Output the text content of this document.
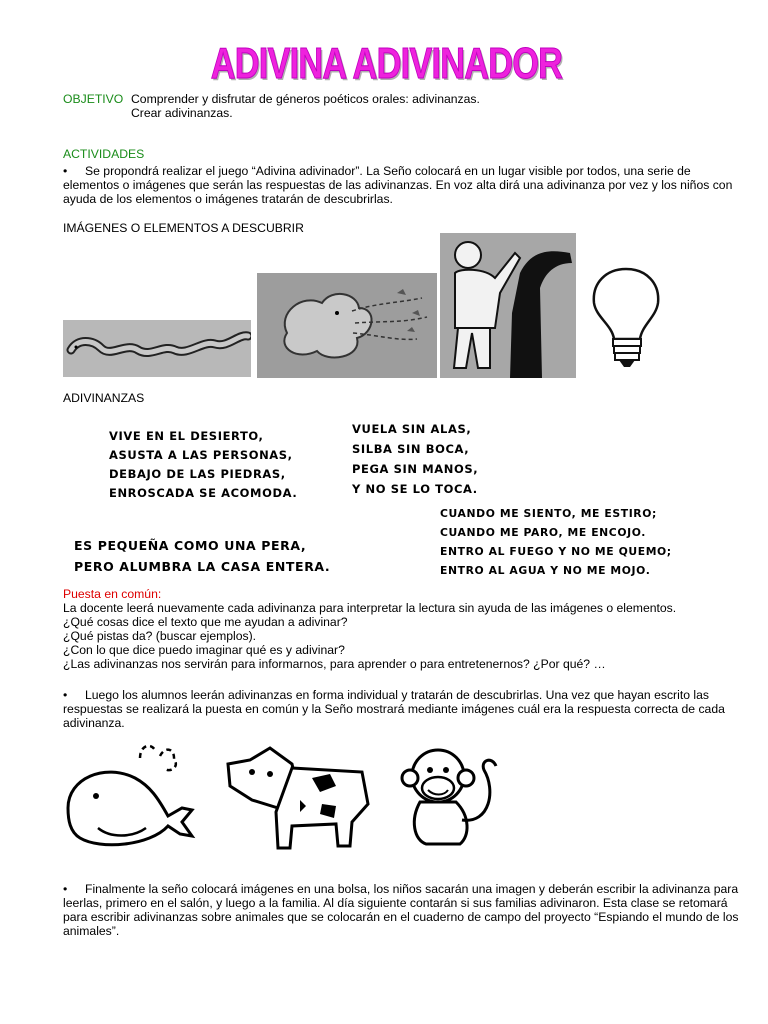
ADIVINA ADIVINADOR
OBJETIVO Comprender y disfrutar de géneros poéticos orales: adivinanzas.
Crear adivinanzas.
ACTIVIDADES
• Se propondrá realizar el juego “Adivina adivinador”. La Seño colocará en un lugar visible por todos, una serie de elementos o imágenes que serán las respuestas de las adivinanzas. En voz alta dirá una adivinanza por vez y los niños con ayuda de los elementos o imágenes tratarán de descubrirlas.
IMÁGENES O ELEMENTOS A DESCUBRIR
ADIVINANZAS
VIVE EN EL DESIERTO,
ASUSTA A LAS PERSONAS,
DEBAJO DE LAS PIEDRAS,
ENROSCADA SE ACOMODA.
VUELA SIN ALAS,
SILBA SIN BOCA,
PEGA SIN MANOS,
Y NO SE LO TOCA.
ES PEQUEÑA COMO UNA PERA,
PERO ALUMBRA LA CASA ENTERA.
CUANDO ME SIENTO, ME ESTIRO;
CUANDO ME PARO, ME ENCOJO.
ENTRO AL FUEGO Y NO ME QUEMO;
ENTRO AL AGUA Y NO ME MOJO.
Puesta en común:
La docente leerá nuevamente cada adivinanza para interpretar la lectura sin ayuda de las imágenes o elementos.
¿Qué cosas dice el texto que me ayudan a adivinar?
¿Qué pistas da? (buscar ejemplos).
¿Con lo que dice puedo imaginar qué es y adivinar?
¿Las adivinanzas nos servirán para informarnos, para aprender o para entretenernos? ¿Por qué? …
• Luego los alumnos leerán adivinanzas en forma individual y tratarán de descubrirlas. Una vez que hayan escrito las respuestas se realizará la puesta en común y la Seño mostrará mediante imágenes cuál era la respuesta correcta de cada adivinanza.
• Finalmente la seño colocará imágenes en una bolsa, los niños sacarán una imagen y deberán escribir la adivinanza para leerlas, primero en el salón, y luego a la familia. Al día siguiente contarán si sus familias adivinaron. Esta clase se retomará para escribir adivinanzas sobre animales que se colocarán en el cuaderno de campo del proyecto “Espiando el mundo de los animales”.
